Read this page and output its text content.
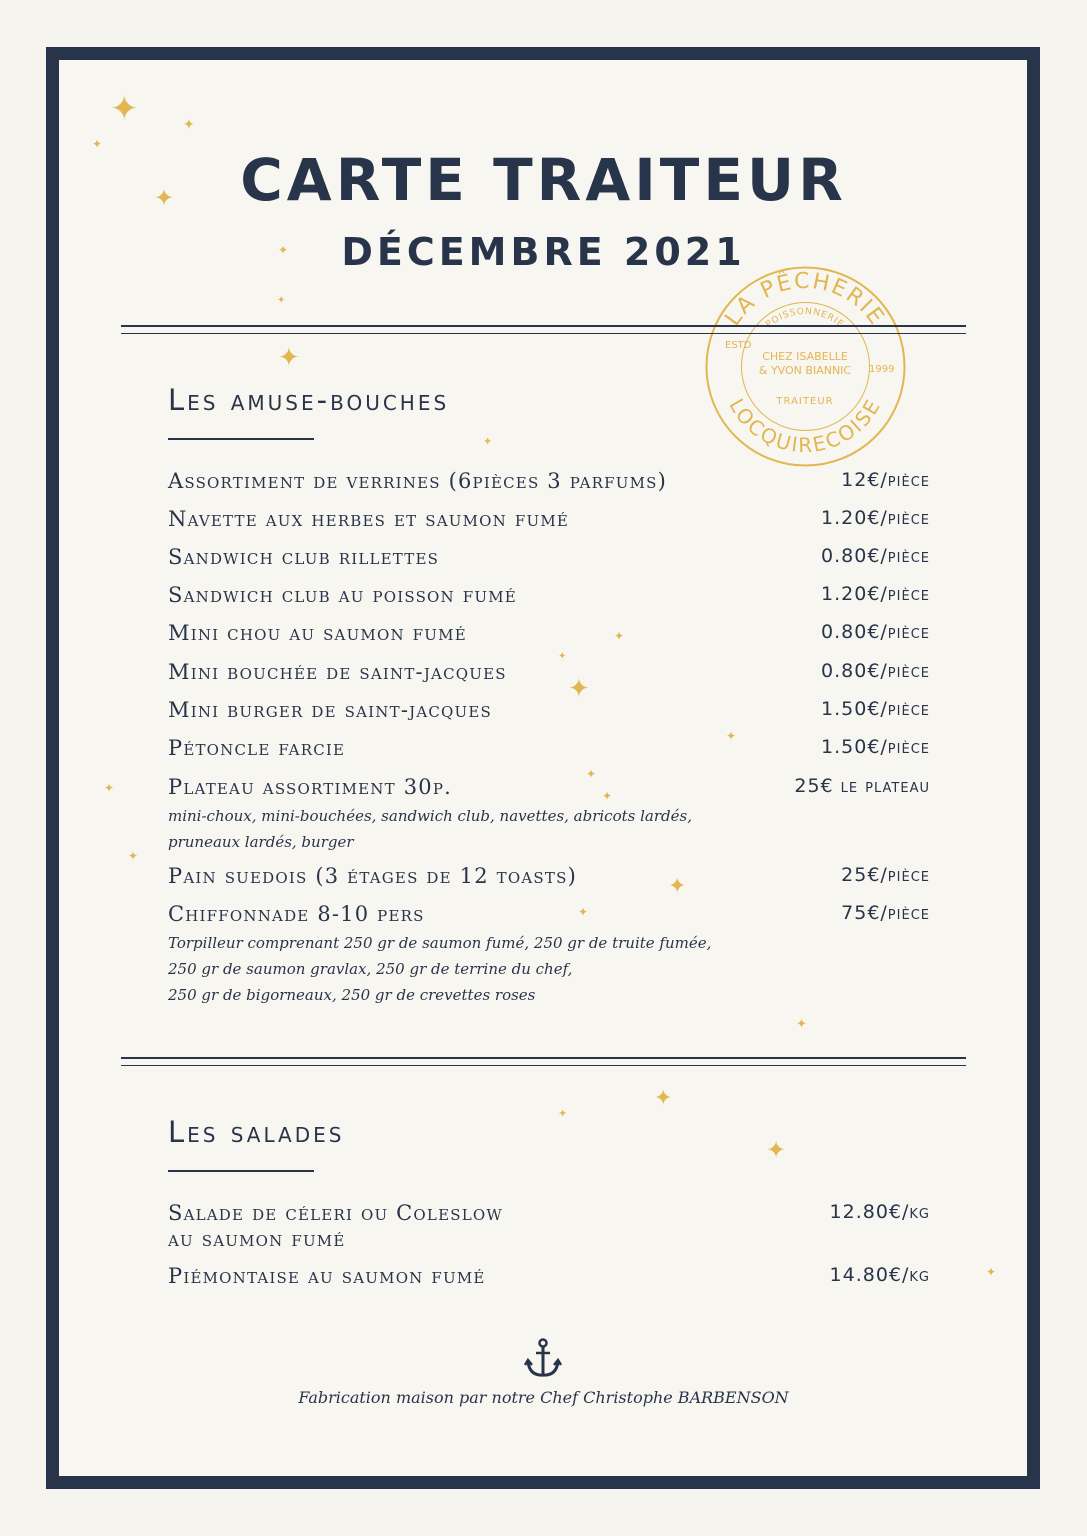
✦	✦
✦
✦
✦
✦
✦
✦
✦
✦
✦
✦
✦
✦
✦
✦
✦
✦
✦
✦
✦
✦
✦
CARTE TRAITEUR
DÉCEMBRE 2021
LA PÊCHERIE
POISSONNERIE
ESTD
1999
CHEZ ISABELLE
& YVON BIANNIC
TRAITEUR
LOCQUIRECOISE
Les amuse-bouches
Assortiment de verrines (6pièces 3 parfums)	12€/pièce
Navette aux herbes et saumon fumé	1.20€/pièce
Sandwich club rillettes	0.80€/pièce
Sandwich club au poisson fumé	1.20€/pièce
Mini chou au saumon fumé	0.80€/pièce
Mini bouchée de saint-jacques	0.80€/pièce
Mini burger de saint-jacques	1.50€/pièce
Pétoncle farcie	1.50€/pièce
Plateau assortiment 30p.	25€ le plateau
mini-choux, mini-bouchées, sandwich club, navettes, abricots lardés,
pruneaux lardés, burger
Pain suedois (3 étages de 12 toasts)	25€/pièce
Chiffonnade 8-10 pers	75€/pièce
Torpilleur comprenant 250 gr de saumon fumé, 250 gr de truite fumée,
250 gr de saumon gravlax, 250 gr de terrine du chef,
250 gr de bigorneaux, 250 gr de crevettes roses
Les salades
Salade de céleri ou Coleslow
au saumon fumé
12.80€/kg
Piémontaise au saumon fumé	14.80€/kg
Fabrication maison par notre Chef Christophe BARBENSON
